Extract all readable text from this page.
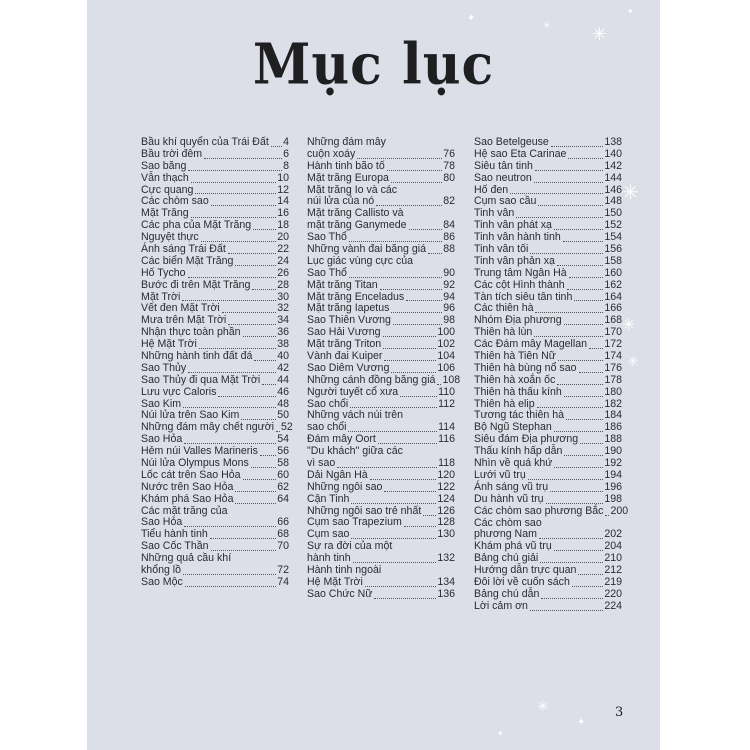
Mục lục
Bầu khí quyển của Trái Đất 4
Bầu trời đêm	6
Sao băng	8
Vẫn thạch	10
Cực quang	12
Các chòm sao	14
Mặt Trăng	16
Các pha của Mặt Trăng 18
Nguyệt thực	20
Ánh sáng Trái Đất	22
Các biển Mặt Trăng	24
Hố Tycho	26
Bước đi trên Mặt Trăng	28
Mặt Trời	30
Vết đen Mặt Trời	32
Mưa trên Mặt Trời	34
Nhận thực toàn phần	36
Hệ Mặt Trời	38
Những hành tinh đất đá 40
Sao Thủy	42
Sao Thủy đi qua Mặt Trời 44
Lưu vực Caloris	46
Sao Kim	48
Núi lửa trên Sao Kim	50
Những đám mây chết người 52
Sao Hỏa	54
Hẻm núi Valles Marineris 56
Núi lửa Olympus Mons	58
Lốc cát trên Sao Hỏa	60
Nước trên Sao Hỏa	62
Khám phá Sao Hỏa	64
Các mặt trăng của
Sao Hỏa	66
Tiểu hành tinh	68
Sao Cốc Thần	70
Những quả cầu khí
khổng lồ	72
Sao Mộc	74
Những đám mây
cuộn xoáy	76
Hành tinh bão tố	78
Mặt trăng Europa	80
Mặt trăng Io và các
núi lửa của nó	82
Mặt trăng Callisto và
mặt trăng Ganymede	84
Sao Thổ	86
Những vành đai băng giá 88
Lục giác vùng cực của
Sao Thổ	90
Mặt trăng Titan	92
Mặt trăng Enceladus	94
Mặt trăng Iapetus	96
Sao Thiên Vương	98
Sao Hải Vương	100
Mặt trăng Triton	102
Vành đai Kuiper	104
Sao Diêm Vương	106
Những cánh đồng băng giá 108
Người tuyết cổ xưa	110
Sao chổi	112
Những vách núi trên
sao chổi	114
Đám mây Oort	116
"Du khách" giữa các
vì sao	118
Dải Ngân Hà	120
Những ngôi sao	122
Cận Tinh	124
Những ngôi sao trẻ nhất 126
Cụm sao Trapezium	128
Cụm sao	130
Sự ra đời của một
hành tinh	132
Hành tinh ngoài
Hệ Mặt Trời	134
Sao Chức Nữ	136
Sao Betelgeuse	138
Hệ sao Eta Carinae	140
Siêu tân tinh	142
Sao neutron	144
Hố đen	146
Cụm sao cầu	148
Tinh vân	150
Tinh vân phát xạ	152
Tinh vân hành tinh	154
Tinh vân tối	156
Tinh vân phản xạ	158
Trung tâm Ngân Hà	160
Các cột Hình thành	162
Tàn tích siêu tân tinh	164
Các thiên hà	166
Nhóm Địa phương	168
Thiên hà lùn	170
Các Đám mây Magellan 172
Thiên hà Tiên Nữ	174
Thiên hà bùng nổ sao	176
Thiên hà xoắn ốc	178
Thiên hà thấu kính	180
Thiên hà elip	182
Tương tác thiên hà	184
Bộ Ngũ Stephan	186
Siêu đám Địa phương 188
Thấu kính hấp dẫn	190
Nhìn về quá khứ	192
Lưới vũ trụ	194
Ánh sáng vũ trụ	196
Du hành vũ trụ	198
Các chòm sao phương Bắc 200
Các chòm sao
phương Nam	202
Khám phá vũ trụ	204
Bảng chú giải	210
Hướng dẫn trực quan	212
Đôi lời về cuốn sách	219
Bảng chú dẫn	220
Lời cảm ơn	224
3
✦
✳ ✳
✦
✳
✳
✳
✳
✦
✦
